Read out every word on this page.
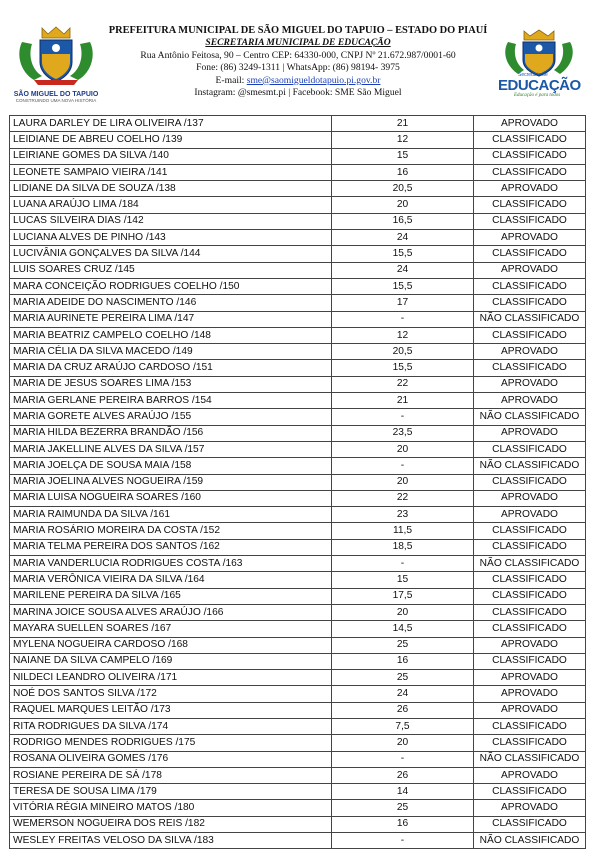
SÃO MIGUEL DO TAPUIO
CONSTRUINDO UMA NOVA HISTÓRIA
PREFEITURA MUNICIPAL DE SÃO MIGUEL DO TAPUIO – ESTADO DO PIAUÍ
SECRETARIA MUNICIPAL DE EDUCAÇÃO
Rua Antônio Feitosa, 90 – Centro CEP: 64330-000, CNPJ Nº 21.672.987/0001-60
Fone: (86) 3249-1311 | WhatsApp: (86) 98194- 3975
E-mail: sme@saomigueldotapuio.pi.gov.br
Instagram: @smesmt.pi | Facebook: SME São Miguel
Secretaria de
EDUCAÇÃO
Educação é para todos
LAURA DARLEY DE LIRA OLIVEIRA /137	21	APROVADO
LEIDIANE DE ABREU COELHO /139	12	CLASSIFICADO
LEIRIANE GOMES DA SILVA /140	15	CLASSIFICADO
LEONETE SAMPAIO VIEIRA /141	16	CLASSIFICADO
LIDIANE DA SILVA DE SOUZA /138	20,5	APROVADO
LUANA ARAÚJO LIMA /184	20	CLASSIFICADO
LUCAS SILVEIRA DIAS /142	16,5	CLASSIFICADO
LUCIANA ALVES DE PINHO /143	24	APROVADO
LUCIVÂNIA GONÇALVES DA SILVA /144	15,5	CLASSIFICADO
LUIS SOARES CRUZ /145	24	APROVADO
MARA CONCEIÇÃO RODRIGUES COELHO /150	15,5	CLASSIFICADO
MARIA ADEIDE DO NASCIMENTO /146	17	CLASSIFICADO
MARIA AURINETE PEREIRA LIMA /147	-	NÃO CLASSIFICADO
MARIA BEATRIZ CAMPELO COELHO /148	12	CLASSIFICADO
MARIA CÉLIA DA SILVA MACEDO /149	20,5	APROVADO
MARIA DA CRUZ ARAÚJO CARDOSO /151	15,5	CLASSIFICADO
MARIA DE JESUS SOARES LIMA /153	22	APROVADO
MARIA GERLANE PEREIRA BARROS /154	21	APROVADO
MARIA GORETE ALVES ARAÚJO /155	-	NÃO CLASSIFICADO
MARIA HILDA BEZERRA BRANDÃO /156	23,5	APROVADO
MARIA JAKELLINE ALVES DA SILVA /157	20	CLASSIFICADO
MARIA JOELÇA DE SOUSA MAIA /158	-	NÃO CLASSIFICADO
MARIA JOELINA ALVES NOGUEIRA /159	20	CLASSIFICADO
MARIA LUISA NOGUEIRA SOARES /160	22	APROVADO
MARIA RAIMUNDA DA SILVA /161	23	APROVADO
MARIA ROSÁRIO MOREIRA DA COSTA /152	11,5	CLASSIFICADO
MARIA TELMA PEREIRA DOS SANTOS /162	18,5	CLASSIFICADO
MARIA VANDERLUCIA RODRIGUES COSTA /163	-	NÃO CLASSIFICADO
MARIA VERÔNICA VIEIRA DA SILVA /164	15	CLASSIFICADO
MARILENE PEREIRA DA SILVA /165	17,5	CLASSIFICADO
MARINA JOICE SOUSA ALVES ARAÚJO /166	20	CLASSIFICADO
MAYARA SUELLEN SOARES /167	14,5	CLASSIFICADO
MYLENA NOGUEIRA CARDOSO /168	25	APROVADO
NAIANE DA SILVA CAMPELO /169	16	CLASSIFICADO
NILDECI LEANDRO OLIVEIRA /171	25	APROVADO
NOÉ DOS SANTOS SILVA /172	24	APROVADO
RAQUEL MARQUES LEITÃO /173	26	APROVADO
RITA RODRIGUES DA SILVA /174	7,5	CLASSIFICADO
RODRIGO MENDES RODRIGUES /175	20	CLASSIFICADO
ROSANA OLIVEIRA GOMES /176	-	NÃO CLASSIFICADO
ROSIANE PEREIRA DE SÁ /178	26	APROVADO
TERESA DE SOUSA LIMA /179	14	CLASSIFICADO
VITÓRIA RÉGIA MINEIRO MATOS /180	25	APROVADO
WEMERSON NOGUEIRA DOS REIS /182	16	CLASSIFICADO
WESLEY FREITAS VELOSO DA SILVA /183	-	NÃO CLASSIFICADO
